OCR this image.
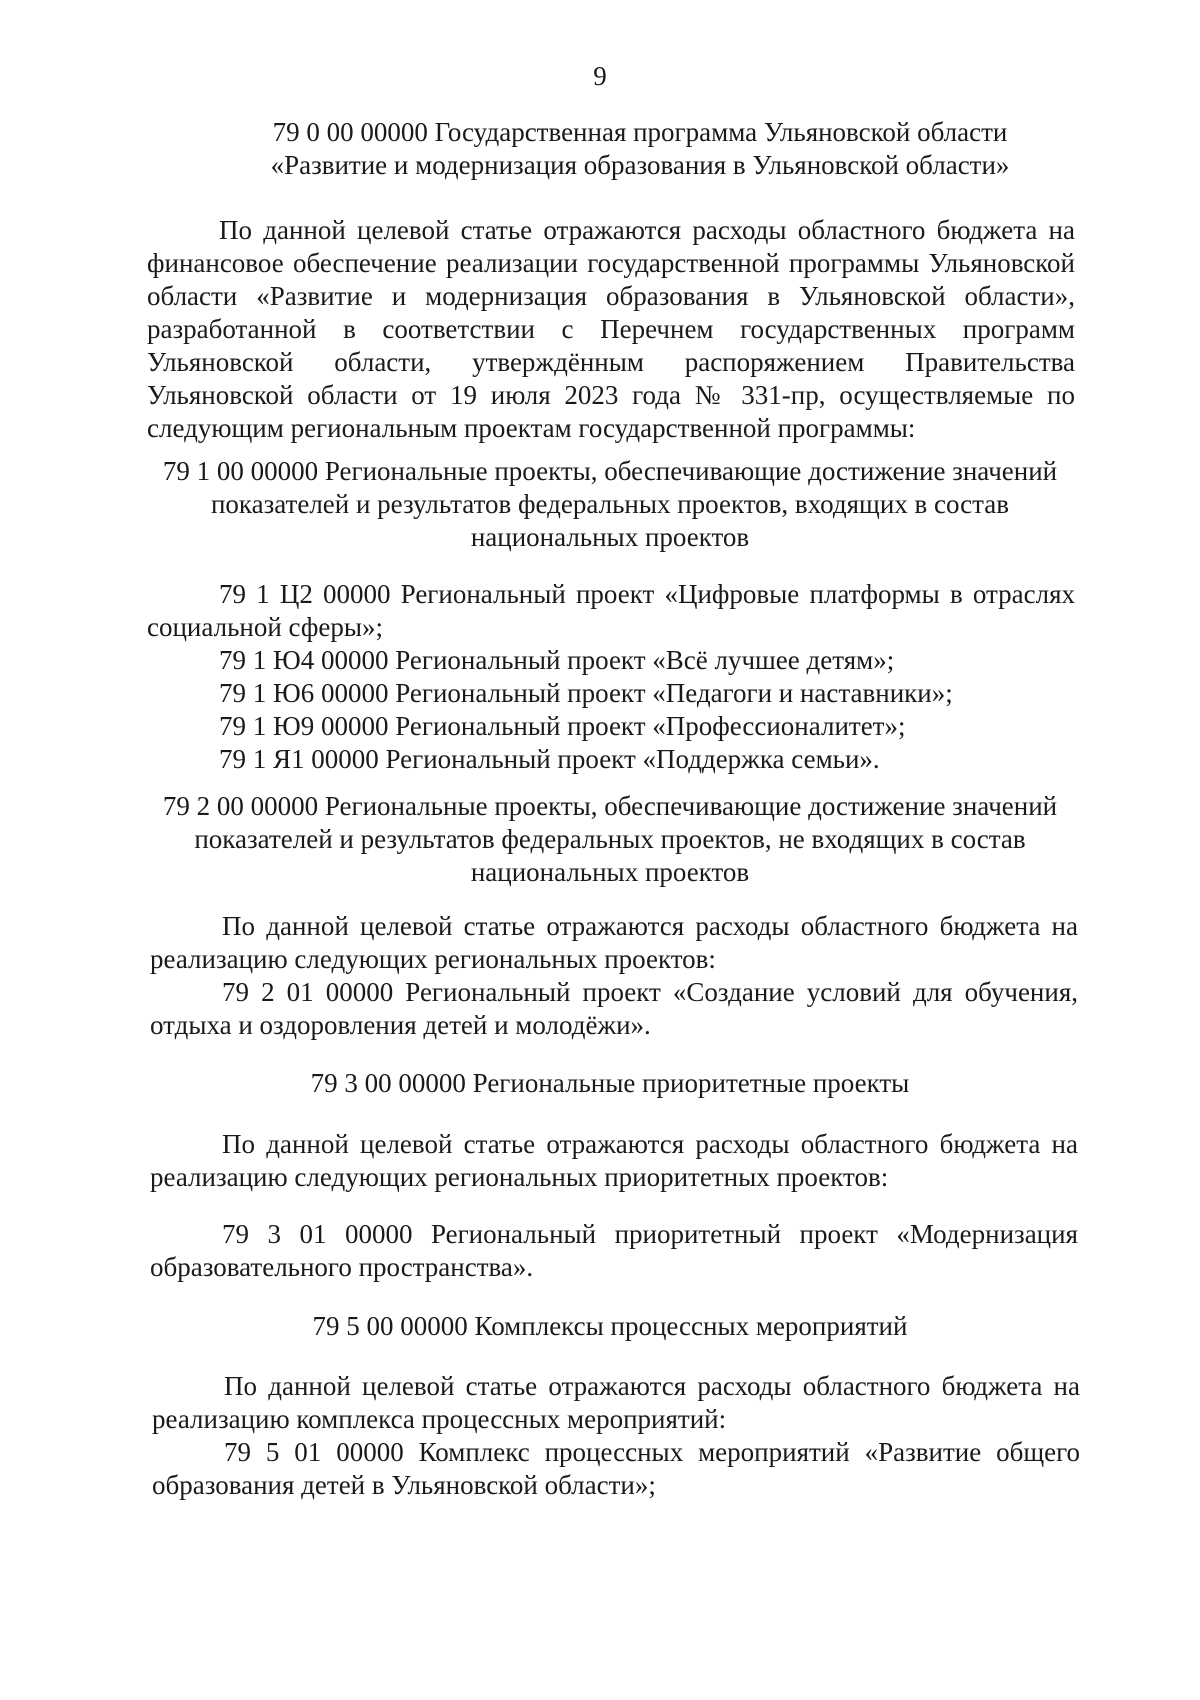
9

79 0 00 00000 Государственная программа Ульяновской области

«Развитие и модернизация образования в Ульяновской области»

По данной целевой статье отражаются расходы областного бюджета на финансовое обеспечение реализации государственной программы Ульяновской области «Развитие и модернизация образования в Ульяновской области», разработанной в соответствии с Перечнем государственных программ Ульяновской области, утверждённым распоряжением Правительства Ульяновской области от 19 июля 2023 года № 331-пр, осуществляемые по следующим региональным проектам государственной программы:

79 1 00 00000 Региональные проекты, обеспечивающие достижение значений

показателей и результатов федеральных проектов, входящих в состав

национальных проектов

79 1 Ц2 00000 Региональный проект «Цифровые платформы в отраслях социальной сферы»;

79 1 Ю4 00000 Региональный проект «Всё лучшее детям»;

79 1 Ю6 00000 Региональный проект «Педагоги и наставники»;

79 1 Ю9 00000 Региональный проект «Профессионалитет»;

79 1 Я1 00000 Региональный проект «Поддержка семьи».

79 2 00 00000 Региональные проекты, обеспечивающие достижение значений

показателей и результатов федеральных проектов, не входящих в состав

национальных проектов

По данной целевой статье отражаются расходы областного бюджета на реализацию следующих региональных проектов:

79 2 01 00000 Региональный проект «Создание условий для обучения, отдыха и оздоровления детей и молодёжи».

79 3 00 00000 Региональные приоритетные проекты

По данной целевой статье отражаются расходы областного бюджета на реализацию следующих региональных приоритетных проектов:

79 3 01 00000 Региональный приоритетный проект «Модернизация образовательного пространства».

79 5 00 00000 Комплексы процессных мероприятий

По данной целевой статье отражаются расходы областного бюджета на реализацию комплекса процессных мероприятий:

79 5 01 00000 Комплекс процессных мероприятий «Развитие общего образования детей в Ульяновской области»;
